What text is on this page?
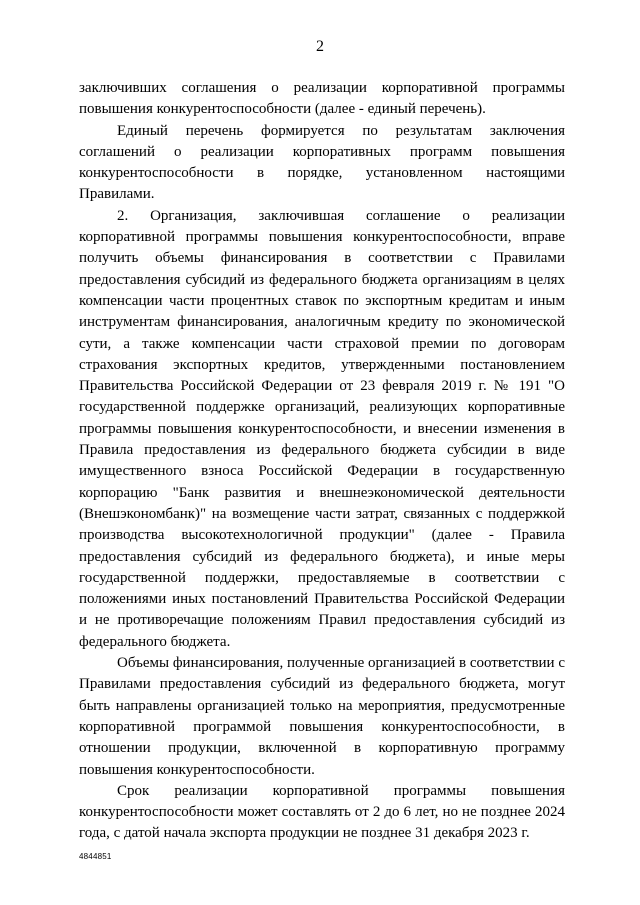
2

заключивших соглашения о реализации корпоративной программы повышения конкурентоспособности (далее - единый перечень).

Единый перечень формируется по результатам заключения соглашений о реализации корпоративных программ повышения конкурентоспособности в порядке, установленном настоящими Правилами.

2. Организация, заключившая соглашение о реализации корпоративной программы повышения конкурентоспособности, вправе получить объемы финансирования в соответствии с Правилами предоставления субсидий из федерального бюджета организациям в целях компенсации части процентных ставок по экспортным кредитам и иным инструментам финансирования, аналогичным кредиту по экономической сути, а также компенсации части страховой премии по договорам страхования экспортных кредитов, утвержденными постановлением Правительства Российской Федерации от 23 февраля 2019 г. № 191 "О государственной поддержке организаций, реализующих корпоративные программы повышения конкурентоспособности, и внесении изменения в Правила предоставления из федерального бюджета субсидии в виде имущественного взноса Российской Федерации в государственную корпорацию "Банк развития и внешнеэкономической деятельности (Внешэкономбанк)" на возмещение части затрат, связанных с поддержкой производства высокотехнологичной продукции" (далее - Правила предоставления субсидий из федерального бюджета), и иные меры государственной поддержки, предоставляемые в соответствии с положениями иных постановлений Правительства Российской Федерации и не противоречащие положениям Правил предоставления субсидий из федерального бюджета.

Объемы финансирования, полученные организацией в соответствии с Правилами предоставления субсидий из федерального бюджета, могут быть направлены организацией только на мероприятия, предусмотренные корпоративной программой повышения конкурентоспособности, в отношении продукции, включенной в корпоративную программу повышения конкурентоспособности.

Срок реализации корпоративной программы повышения конкурентоспособности может составлять от 2 до 6 лет, но не позднее 2024 года, с датой начала экспорта продукции не позднее 31 декабря 2023 г.

4844851
